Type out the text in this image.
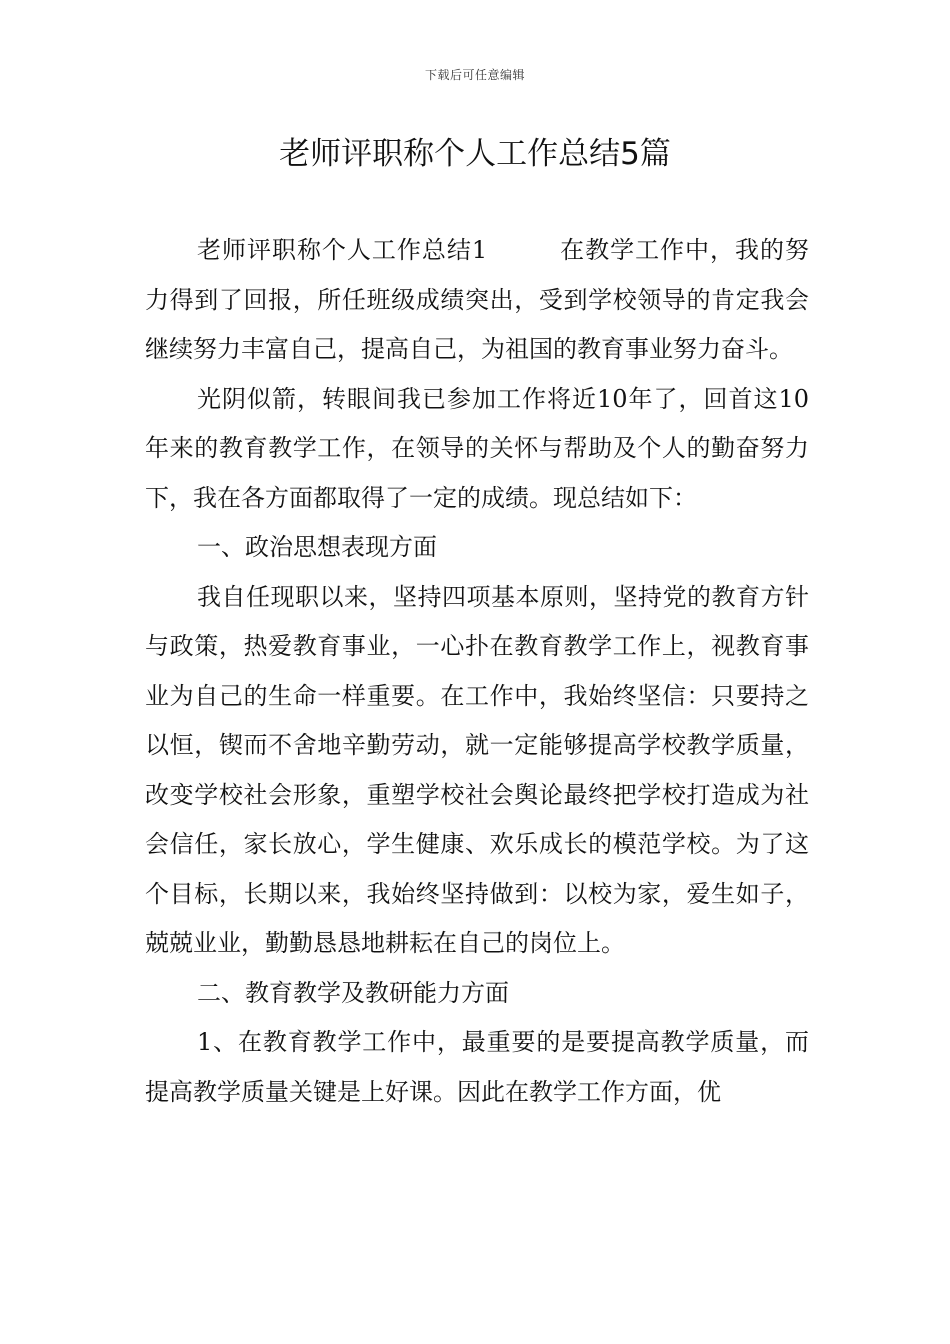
下载后可任意编辑
老师评职称个人工作总结5篇

老师评职称个人工作总结1	在教学工作中，我的努力得到了回报，所任班级成绩突出，受到学校领导的肯定我会继续努力丰富自己，提高自己，为祖国的教育事业努力奋斗。

光阴似箭，转眼间我已参加工作将近10年了，回首这10年来的教育教学工作，在领导的关怀与帮助及个人的勤奋努力下，我在各方面都取得了一定的成绩。现总结如下：

一、政治思想表现方面

我自任现职以来，坚持四项基本原则，坚持党的教育方针与政策，热爱教育事业，一心扑在教育教学工作上，视教育事业为自己的生命一样重要。在工作中，我始终坚信：只要持之以恒，锲而不舍地辛勤劳动，就一定能够提高学校教学质量，改变学校社会形象，重塑学校社会舆论最终把学校打造成为社会信任，家长放心，学生健康、欢乐成长的模范学校。为了这个目标，长期以来，我始终坚持做到：以校为家，爱生如子，兢兢业业，勤勤恳恳地耕耘在自己的岗位上。

二、教育教学及教研能力方面

1、在教育教学工作中，最重要的是要提高教学质量，而提高教学质量关键是上好课。因此在教学工作方面，优
